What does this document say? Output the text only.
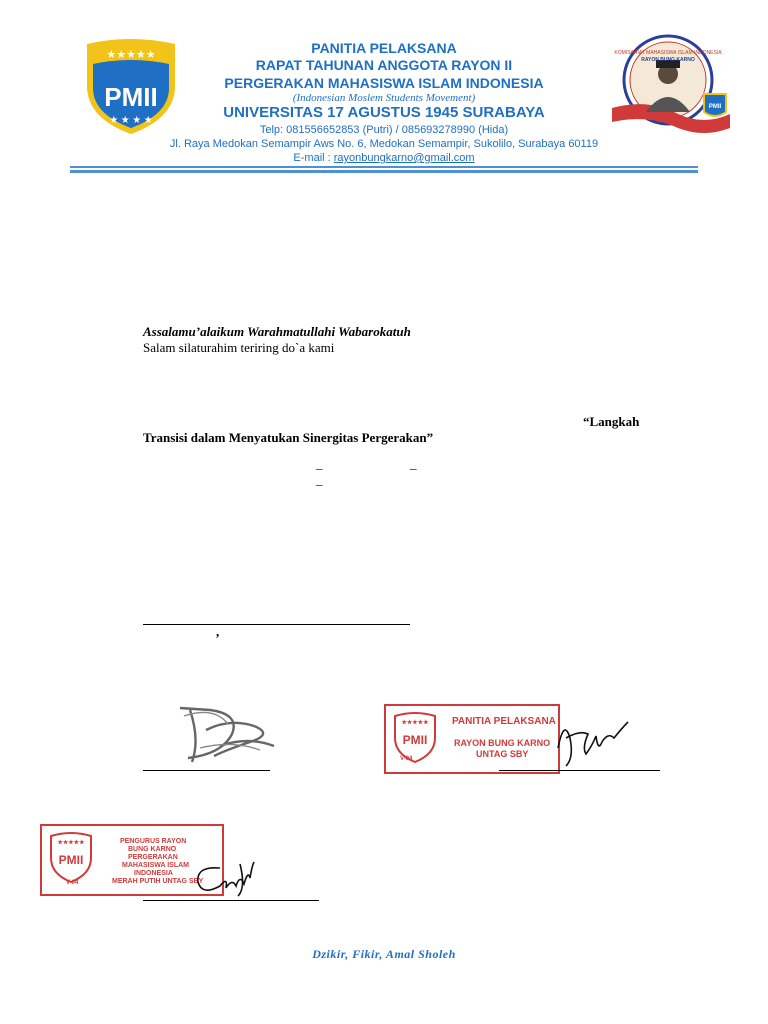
PMII
★★★★★
★ ★ ★ ★
PMII
KOMISARIAT MAHASISWA ISLAM INDONESIA
RAYON BUNG KARNO
PANITIA PELAKSANA
RAPAT TAHUNAN ANGGOTA RAYON II
PERGERAKAN MAHASISWA ISLAM INDONESIA
(Indonesian Moslem Students Movement)
UNIVERSITAS 17 AGUSTUS 1945 SURABAYA
Telp: 081556652853 (Putri) / 085693278990 (Hida)
Jl. Raya Medokan Semampir Aws No. 6, Medokan Semampir, Sukolilo, Surabaya 60119
E-mail : rayonbungkarno@gmail.com
Assalamu’alaikum Warahmatullahi Wabarokatuh
Salam silaturahim teriring do`a kami
“Langkah
Transisi dalam Menyatukan Sinergitas Pergerakan”
_	_
_
,
★★★★★
PMII
V-04
PANITIA PELAKSANA
RAYON BUNG KARNO
UNTAG SBY
★★★★★
PMII
V-04
PENGURUS RAYON
BUNG KARNO
PERGERAKAN
MAHASISWA ISLAM
INDONESIA
MERAH PUTIH UNTAG SBY
Dzikir, Fikir, Amal Sholeh
